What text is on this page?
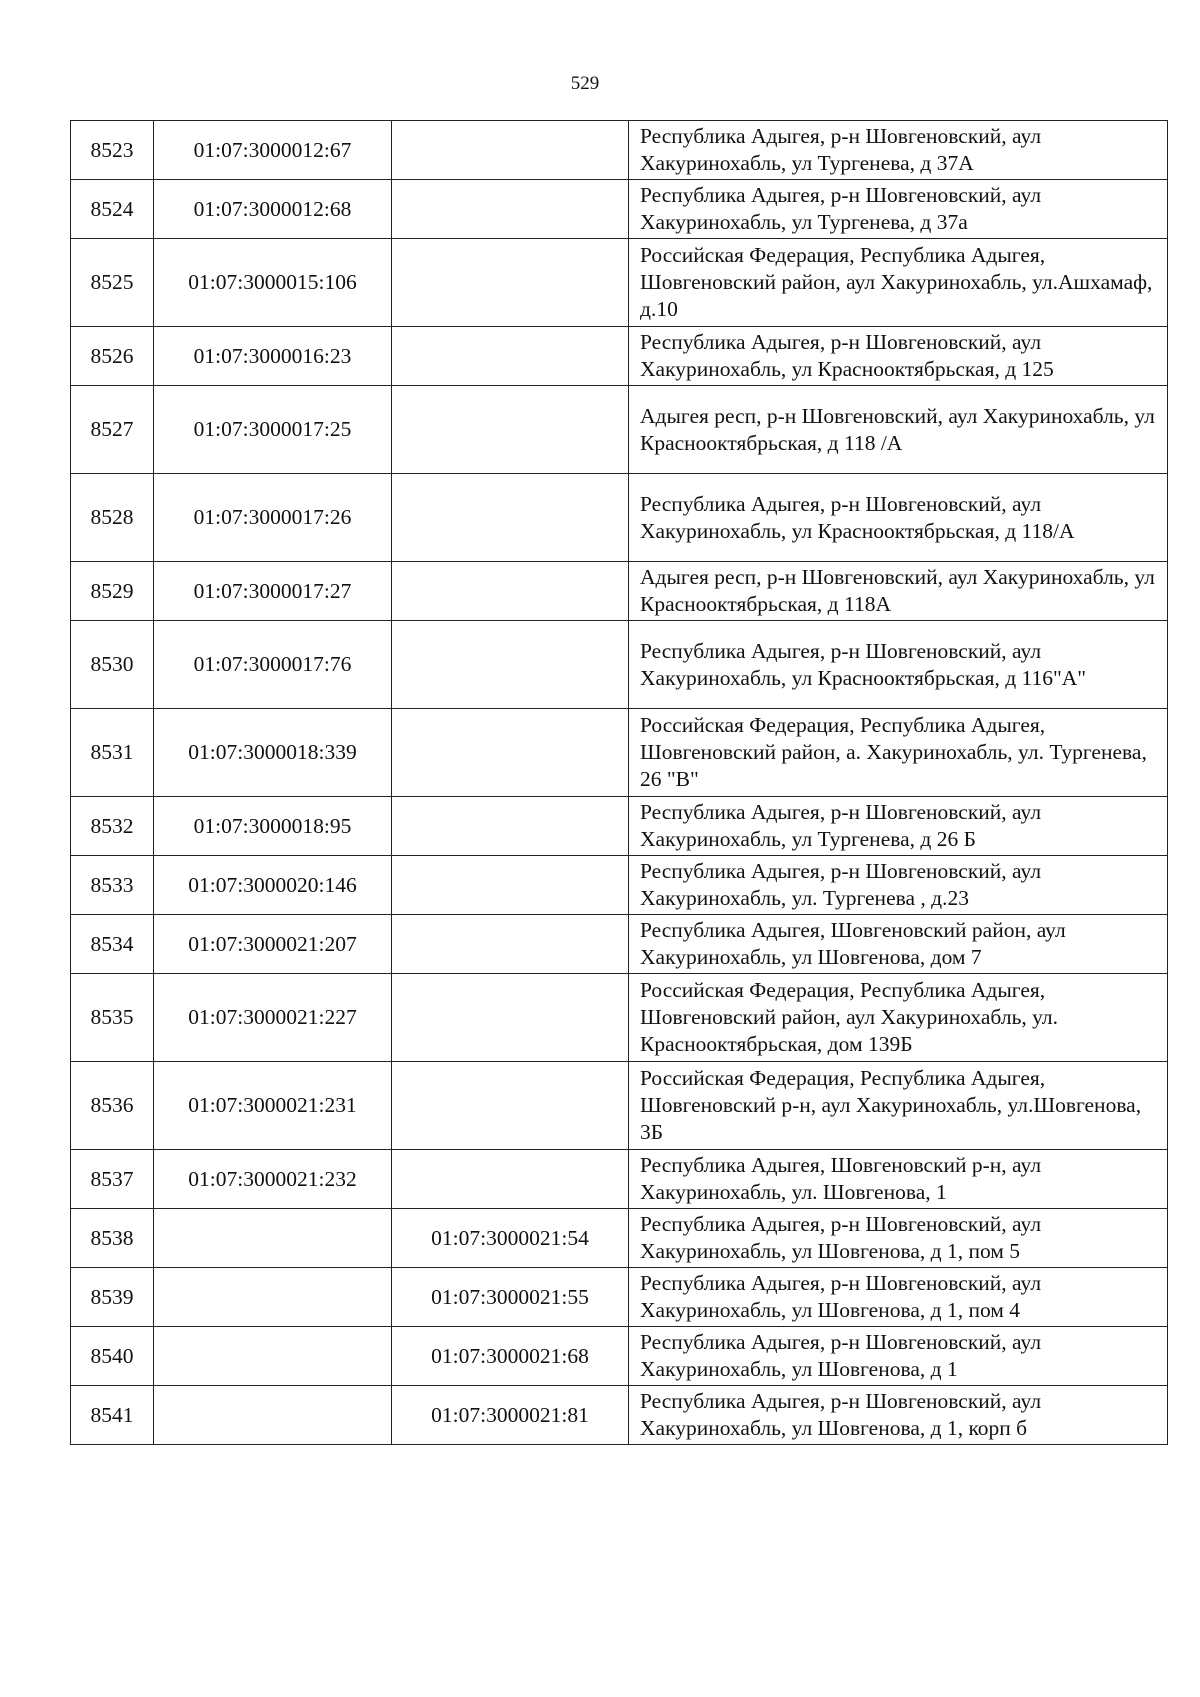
529
8523	01:07:3000012:67		Республика Адыгея, р-н Шовгеновский, аул Хакуринохабль, ул Тургенева, д 37А
8524	01:07:3000012:68		Республика Адыгея, р-н Шовгеновский, аул Хакуринохабль, ул Тургенева, д 37а
8525	01:07:3000015:106		Российская Федерация, Республика Адыгея, Шовгеновский район, аул Хакуринохабль, ул.Ашхамаф, д.10
8526	01:07:3000016:23		Республика Адыгея, р-н Шовгеновский, аул Хакуринохабль, ул Краснооктябрьская, д 125
8527	01:07:3000017:25		Адыгея респ, р-н Шовгеновский, аул Хакуринохабль, ул Краснооктябрьская, д 118 /А
8528	01:07:3000017:26		Республика Адыгея, р-н Шовгеновский, аул Хакуринохабль, ул Краснооктябрьская, д 118/А
8529	01:07:3000017:27		Адыгея респ, р-н Шовгеновский, аул Хакуринохабль, ул Краснооктябрьская, д 118А
8530	01:07:3000017:76		Республика Адыгея, р-н Шовгеновский, аул Хакуринохабль, ул Краснооктябрьская, д 116"А"
8531	01:07:3000018:339		Российская Федерация, Республика Адыгея, Шовгеновский район, а. Хакуринохабль, ул. Тургенева, 26 "В"
8532	01:07:3000018:95		Республика Адыгея, р-н Шовгеновский, аул Хакуринохабль, ул Тургенева, д 26 Б
8533	01:07:3000020:146		Республика Адыгея, р-н Шовгеновский, аул Хакуринохабль, ул. Тургенева , д.23
8534	01:07:3000021:207		Республика Адыгея, Шовгеновский район, аул Хакуринохабль, ул Шовгенова, дом 7
8535	01:07:3000021:227		Российская Федерация, Республика Адыгея, Шовгеновский район, аул Хакуринохабль, ул. Краснооктябрьская, дом 139Б
8536	01:07:3000021:231		Российская Федерация, Республика Адыгея, Шовгеновский р-н, аул Хакуринохабль, ул.Шовгенова, 3Б
8537	01:07:3000021:232		Республика Адыгея, Шовгеновский р-н, аул Хакуринохабль, ул. Шовгенова, 1
8538		01:07:3000021:54	Республика Адыгея, р-н Шовгеновский, аул Хакуринохабль, ул Шовгенова, д 1, пом 5
8539		01:07:3000021:55	Республика Адыгея, р-н Шовгеновский, аул Хакуринохабль, ул Шовгенова, д 1, пом 4
8540		01:07:3000021:68	Республика Адыгея, р-н Шовгеновский, аул Хакуринохабль, ул Шовгенова, д 1
8541		01:07:3000021:81	Республика Адыгея, р-н Шовгеновский, аул Хакуринохабль, ул Шовгенова, д 1, корп б
